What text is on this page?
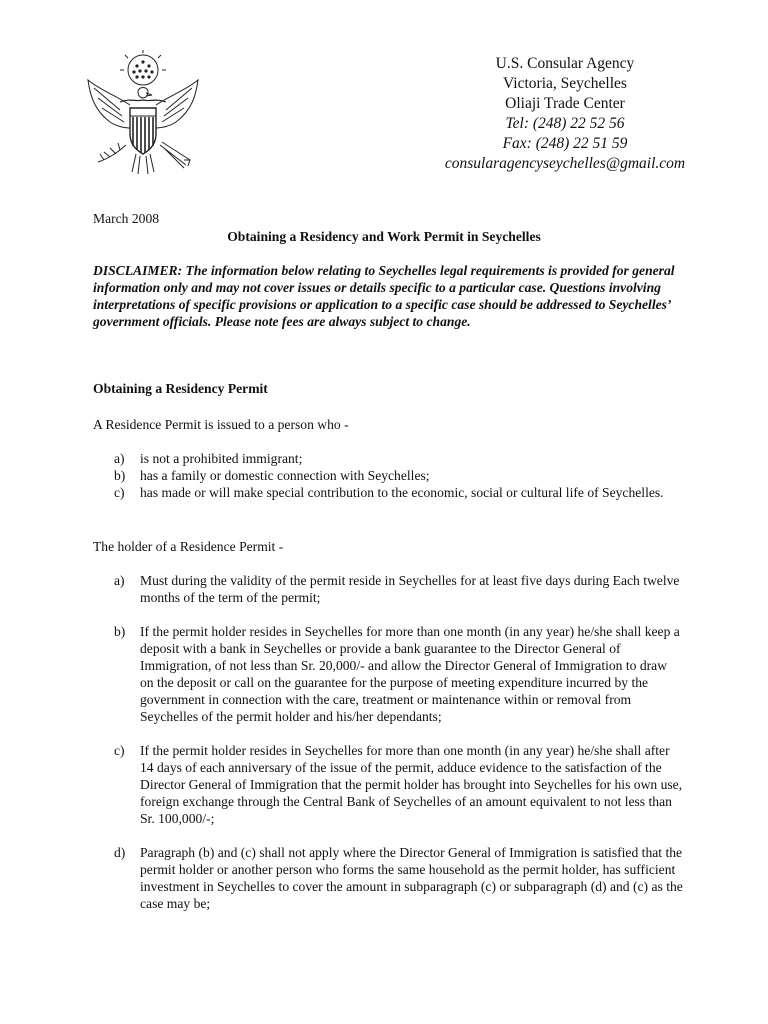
U.S. Consular Agency
Victoria, Seychelles
Oliaji Trade Center
Tel: (248) 22 52 56
Fax: (248) 22 51 59
consularagencyseychelles@gmail.com
March 2008
Obtaining a Residency and Work Permit in Seychelles
DISCLAIMER: The information below relating to Seychelles legal requirements is provided for general information only and may not cover issues or details specific to a particular case. Questions involving interpretations of specific provisions or application to a specific case should be addressed to Seychelles’ government officials. Please note fees are always subject to change.
Obtaining a Residency Permit
A Residence Permit is issued to a person who -
a) is not a prohibited immigrant;
b) has a family or domestic connection with Seychelles;
c) has made or will make special contribution to the economic, social or cultural life of Seychelles.
The holder of a Residence Permit -
a) Must during the validity of the permit reside in Seychelles for at least five days during Each twelve months of the term of the permit;
b) If the permit holder resides in Seychelles for more than one month (in any year) he/she shall keep a deposit with a bank in Seychelles or provide a bank guarantee to the Director General of Immigration, of not less than Sr. 20,000/- and allow the Director General of Immigration to draw on the deposit or call on the guarantee for the purpose of meeting expenditure incurred by the government in connection with the care, treatment or maintenance within or removal from Seychelles of the permit holder and his/her dependants;
c) If the permit holder resides in Seychelles for more than one month (in any year) he/she shall after 14 days of each anniversary of the issue of the permit, adduce evidence to the satisfaction of the Director General of Immigration that the permit holder has brought into Seychelles for his own use, foreign exchange through the Central Bank of Seychelles of an amount equivalent to not less than Sr. 100,000/-;
d) Paragraph (b) and (c) shall not apply where the Director General of Immigration is satisfied that the permit holder or another person who forms the same household as the permit holder, has sufficient investment in Seychelles to cover the amount in subparagraph (c) or subparagraph (d) and (c) as the case may be;
